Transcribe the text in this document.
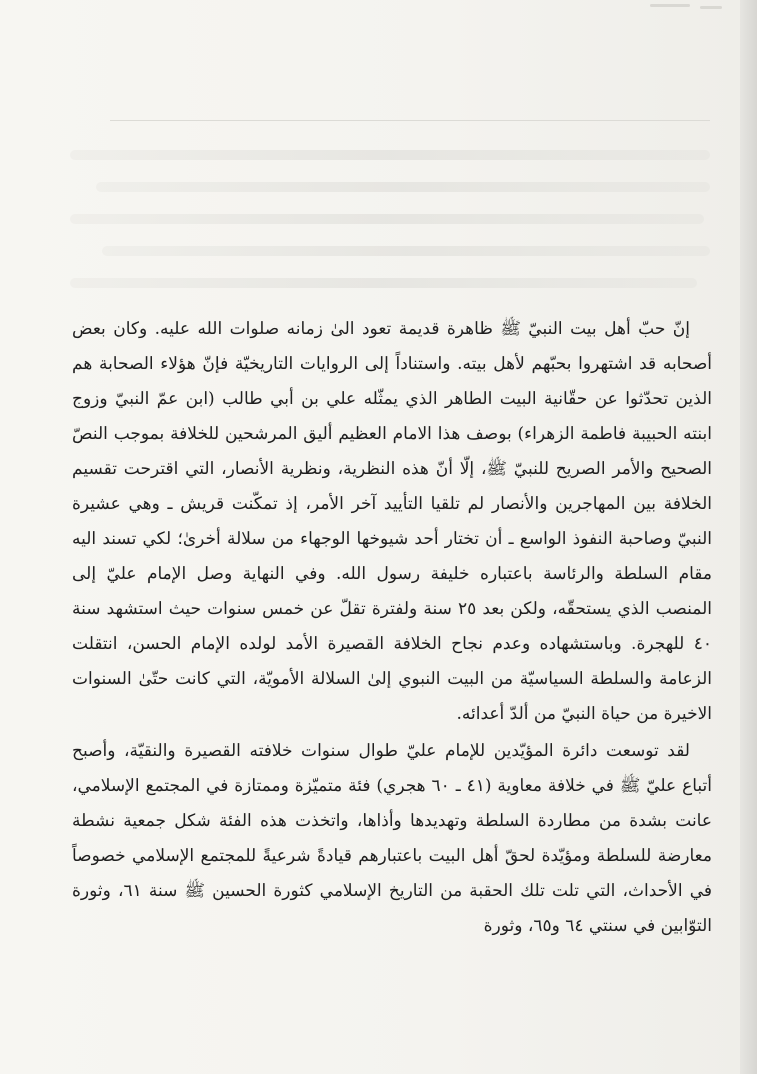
إنّ حبّ أهل بيت النبيّ ﷺ ظاهرة قديمة تعود الىٰ زمانه صلوات الله عليه. وكان بعض أصحابه قد اشتهروا بحبّهم لأهل بيته. واستناداً إلى الروايات التاريخيّة فإنّ هؤلاء الصحابة هم الذين تحدّثوا عن حقّانية البيت الطاهر الذي يمثّله علي بن أبي طالب (ابن عمّ النبيّ وزوج ابنته الحبيبة فاطمة الزهراء) بوصف هذا الامام العظيم أليق المرشحين للخلافة بموجب النصّ الصحيح والأمر الصريح للنبيّ ﷺ، إلّا أنّ هذه النظرية، ونظرية الأنصار، التي اقترحت تقسيم الخلافة بين المهاجرين والأنصار لم تلقيا التأييد آخر الأمر، إذ تمكّنت قريش ـ وهي عشيرة النبيّ وصاحبة النفوذ الواسع ـ أن تختار أحد شيوخها الوجهاء من سلالة أخرىٰ؛ لكي تسند اليه مقام السلطة والرئاسة باعتباره خليفة رسول الله. وفي النهاية وصل الإمام عليّ إلى المنصب الذي يستحقّه، ولكن بعد ٢٥ سنة ولفترة تقلّ عن خمس سنوات حيث استشهد سنة ٤٠ للهجرة. وباستشهاده وعدم نجاح الخلافة القصيرة الأمد لولده الإمام الحسن، انتقلت الزعامة والسلطة السياسيّة من البيت النبوي إلىٰ السلالة الأمويّة، التي كانت حتّىٰ السنوات الاخيرة من حياة النبيّ من ألدّ أعدائه.

لقد توسعت دائرة المؤيّدين للإمام عليّ طوال سنوات خلافته القصيرة والنقيّة، وأصبح أتباع عليّ ﷺ في خلافة معاوية (٤١ ـ ٦٠ هجري) فئة متميّزة وممتازة في المجتمع الإسلامي، عانت بشدة من مطاردة السلطة وتهديدها وأذاها، واتخذت هذه الفئة شكل جمعية نشطة معارضة للسلطة ومؤيّدة لحقّ أهل البيت باعتبارهم قيادةً شرعيةً للمجتمع الإسلامي خصوصاً في الأحداث، التي تلت تلك الحقبة من التاريخ الإسلامي كثورة الحسين ﷺ سنة ٦١، وثورة التوّابين في سنتي ٦٤ و٦٥، وثورة
